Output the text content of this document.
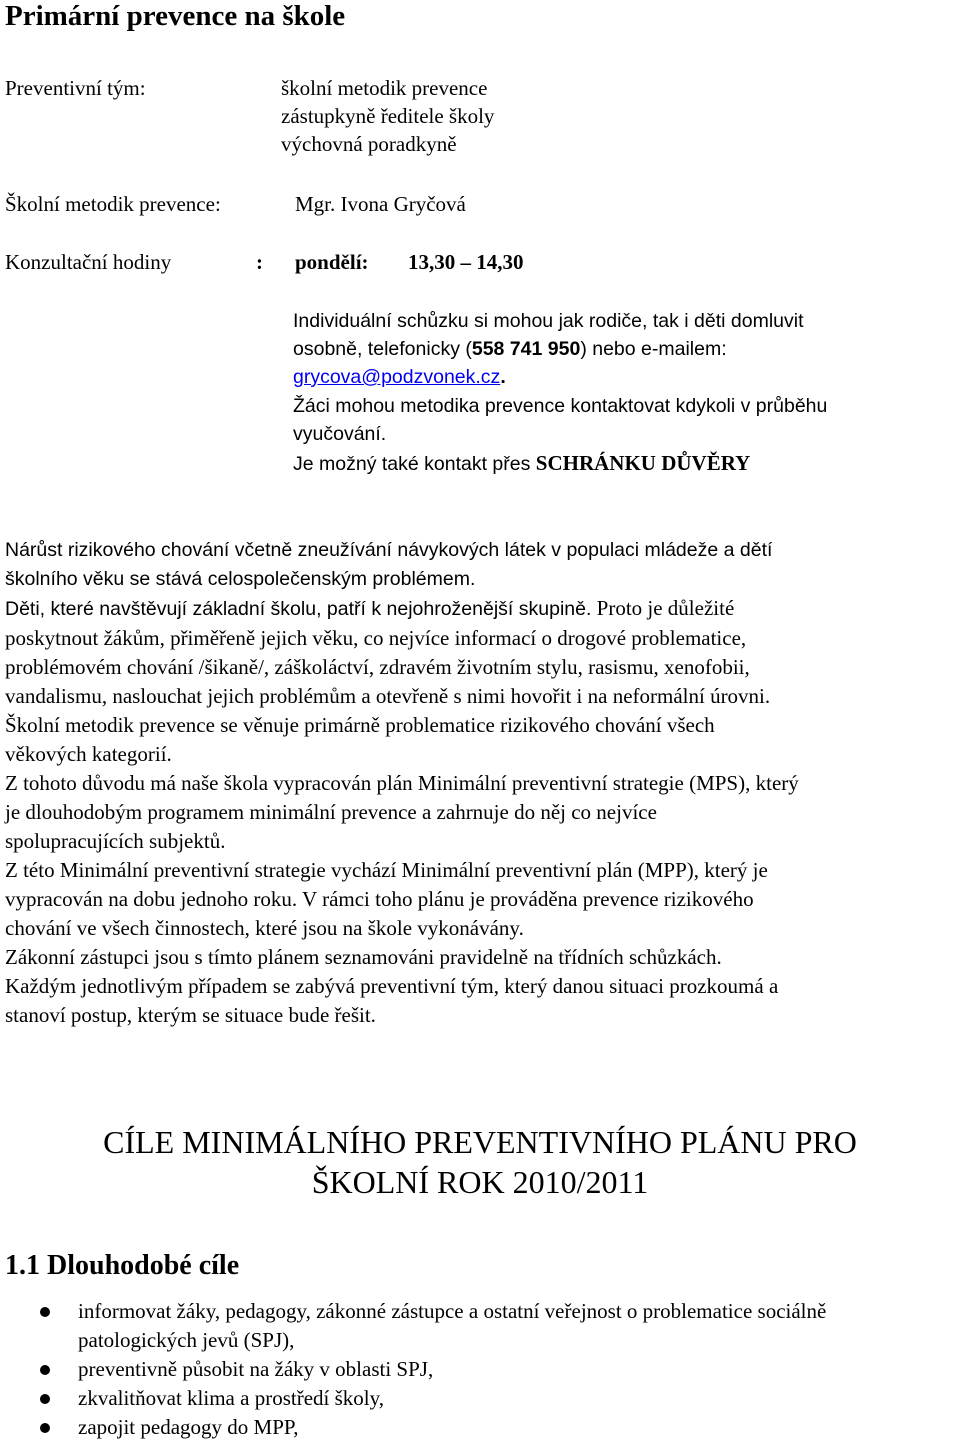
Primární prevence na škole
Preventivní tým:	školní metodik prevence
zástupkyně ředitele školy
výchovná poradkyně
Školní metodik prevence:	Mgr. Ivona Gryčová
Konzultační hodiny	: pondělí: 13,30 – 14,30
Individuální schůzku si mohou jak rodiče, tak i děti domluvit
osobně, telefonicky (558 741 950) nebo e-mailem:
grycova@podzvonek.cz.
Žáci mohou metodika prevence kontaktovat kdykoli v průběhu
vyučování.
Je možný také kontakt přes SCHRÁNKU DŮVĚRY

Nárůst rizikového chování včetně zneužívání návykových látek v populaci mládeže a dětí

školního věku se stává celospolečenským problémem.

Děti, které navštěvují základní školu, patří k nejohroženější skupině. Proto je důležité

poskytnout žákům, přiměřeně jejich věku, co nejvíce informací o drogové problematice,

problémovém chování /šikaně/, záškoláctví, zdravém životním stylu, rasismu, xenofobii,

vandalismu, naslouchat jejich problémům a otevřeně s nimi hovořit i na neformální úrovni.

Školní metodik prevence se věnuje primárně problematice rizikového chování všech

věkových kategorií.

Z tohoto důvodu má naše škola vypracován plán Minimální preventivní strategie (MPS), který

je dlouhodobým programem minimální prevence a zahrnuje do něj co nejvíce

spolupracujících subjektů.

Z této Minimální preventivní strategie vychází Minimální preventivní plán (MPP), který je

vypracován na dobu jednoho roku. V rámci toho plánu je prováděna prevence rizikového

chování ve všech činnostech, které jsou na škole vykonávány.

Zákonní zástupci jsou s tímto plánem seznamováni pravidelně na třídních schůzkách.

Každým jednotlivým případem se zabývá preventivní tým, který danou situaci prozkoumá a

stanoví postup, kterým se situace bude řešit.

CÍLE MINIMÁLNÍHO PREVENTIVNÍHO PLÁNU PRO
ŠKOLNÍ ROK 2010/2011
1.1 Dlouhodobé cíle
informovat žáky, pedagogy, zákonné zástupce a ostatní veřejnost o problematice sociálně patologických jevů (SPJ),
preventivně působit na žáky v oblasti SPJ,
zkvalitňovat klima a prostředí školy,
zapojit pedagogy do MPP,
